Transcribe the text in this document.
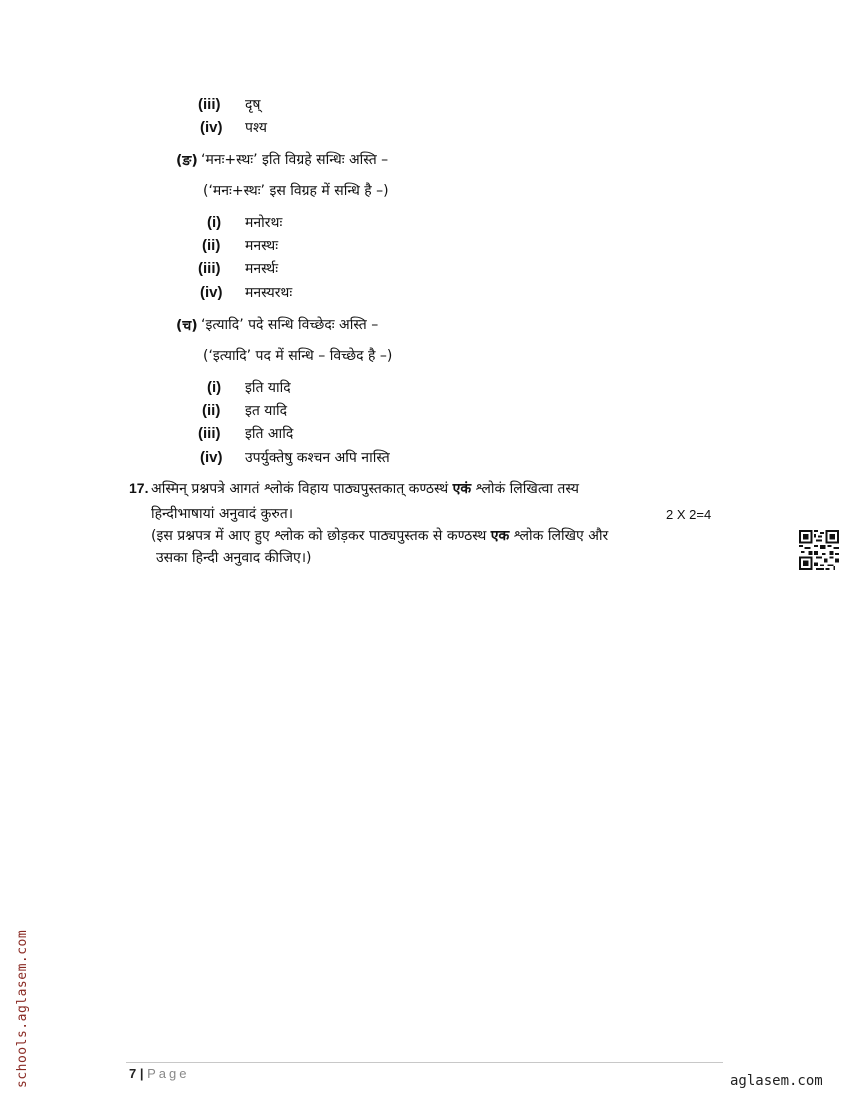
(iii) दृष्
(iv) पश्य
(ङ) ‘मनः+स्थः’ इति विग्रहे सन्धिः अस्ति –
(‘मनः+स्थः’ इस विग्रह में सन्धि है –)
(i) मनोरथः
(ii) मनस्थः
(iii) मनर्स्थः
(iv) मनस्यरथः
(च) ‘इत्यादि’ पदे सन्धि विच्छेदः अस्ति –
(‘इत्यादि’ पद में सन्धि – विच्छेद है –)
(i) इति यादि
(ii) इत यादि
(iii) इति आदि
(iv) उपर्युक्तेषु कश्चन अपि नास्ति
17. अस्मिन् प्रश्नपत्रे आगतं श्लोकं विहाय पाठ्यपुस्तकात् कण्ठस्थं एकं श्लोकं लिखित्वा तस्य
हिन्दीभाषायां अनुवादं कुरुत।	2 X 2=4
(इस प्रश्नपत्र में आए हुए श्लोक को छोड़कर पाठ्यपुस्तक से कण्ठस्थ एक श्लोक लिखिए और
उसका हिन्दी अनुवाद कीजिए।)
7 | Page	aglasem.com
schools.aglasem.com
